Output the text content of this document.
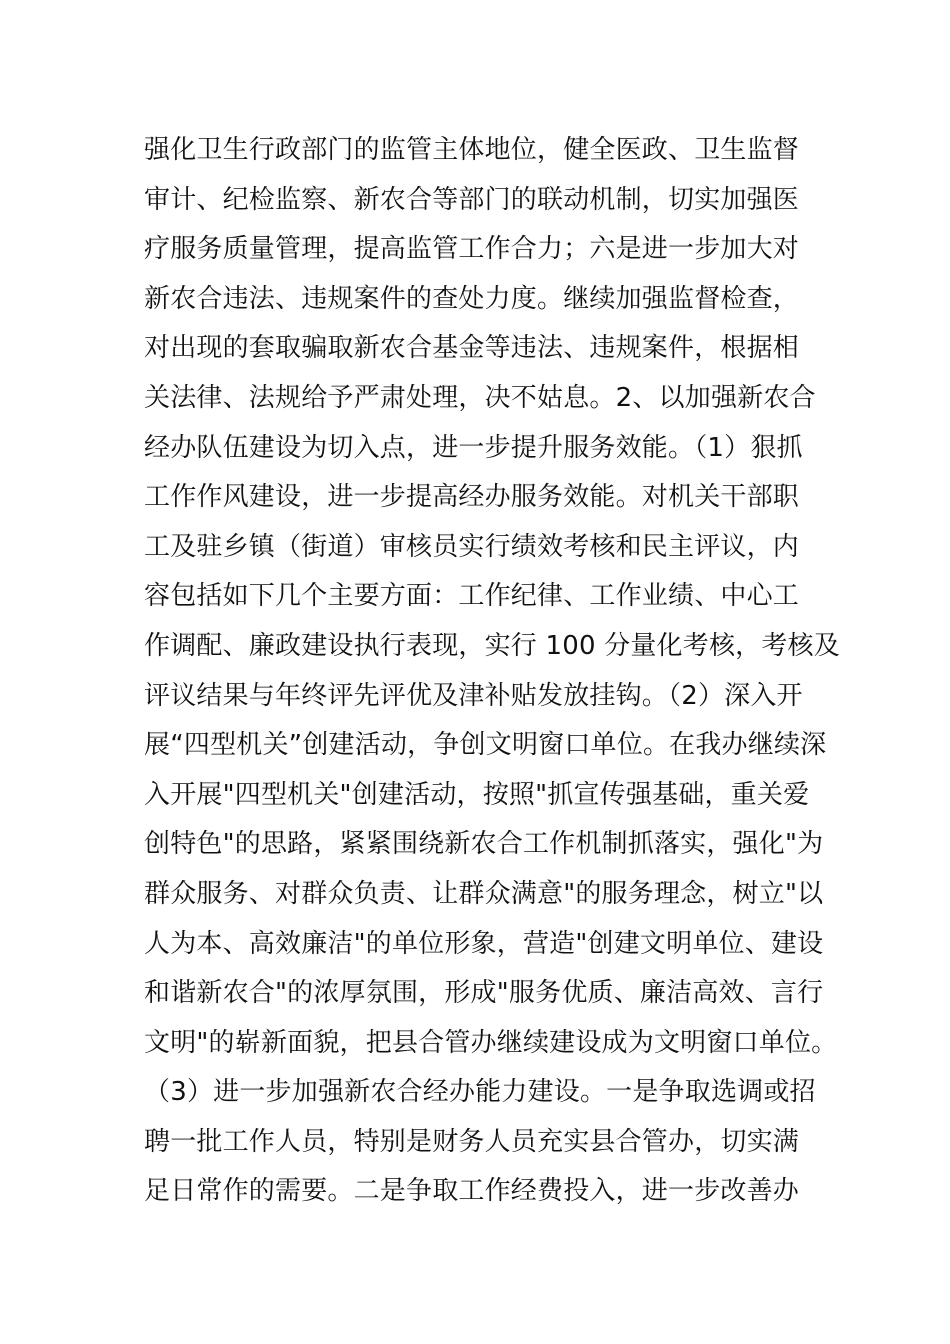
强化卫生行政部门的监管主体地位，健全医政、卫生监督
审计、纪检监察、新农合等部门的联动机制，切实加强医
疗服务质量管理，提高监管工作合力；六是进一步加大对
新农合违法、违规案件的查处力度。继续加强监督检查，
对出现的套取骗取新农合基金等违法、违规案件，根据相
关法律、法规给予严肃处理，决不姑息。2、以加强新农合
经办队伍建设为切入点，进一步提升服务效能。（1）狠抓
工作作风建设，进一步提高经办服务效能。对机关干部职
工及驻乡镇（街道）审核员实行绩效考核和民主评议，内
容包括如下几个主要方面：工作纪律、工作业绩、中心工
作调配、廉政建设执行表现，实行 100 分量化考核，考核及
评议结果与年终评先评优及津补贴发放挂钩。（2）深入开
展“四型机关”创建活动，争创文明窗口单位。在我办继续深
入开展"四型机关"创建活动，按照"抓宣传强基础，重关爱
创特色"的思路，紧紧围绕新农合工作机制抓落实，强化"为
群众服务、对群众负责、让群众满意"的服务理念，树立"以
人为本、高效廉洁"的单位形象，营造"创建文明单位、建设
和谐新农合"的浓厚氛围，形成"服务优质、廉洁高效、言行
文明"的崭新面貌，把县合管办继续建设成为文明窗口单位。
（3）进一步加强新农合经办能力建设。一是争取选调或招
聘一批工作人员，特别是财务人员充实县合管办，切实满
足日常作的需要。二是争取工作经费投入，进一步改善办
